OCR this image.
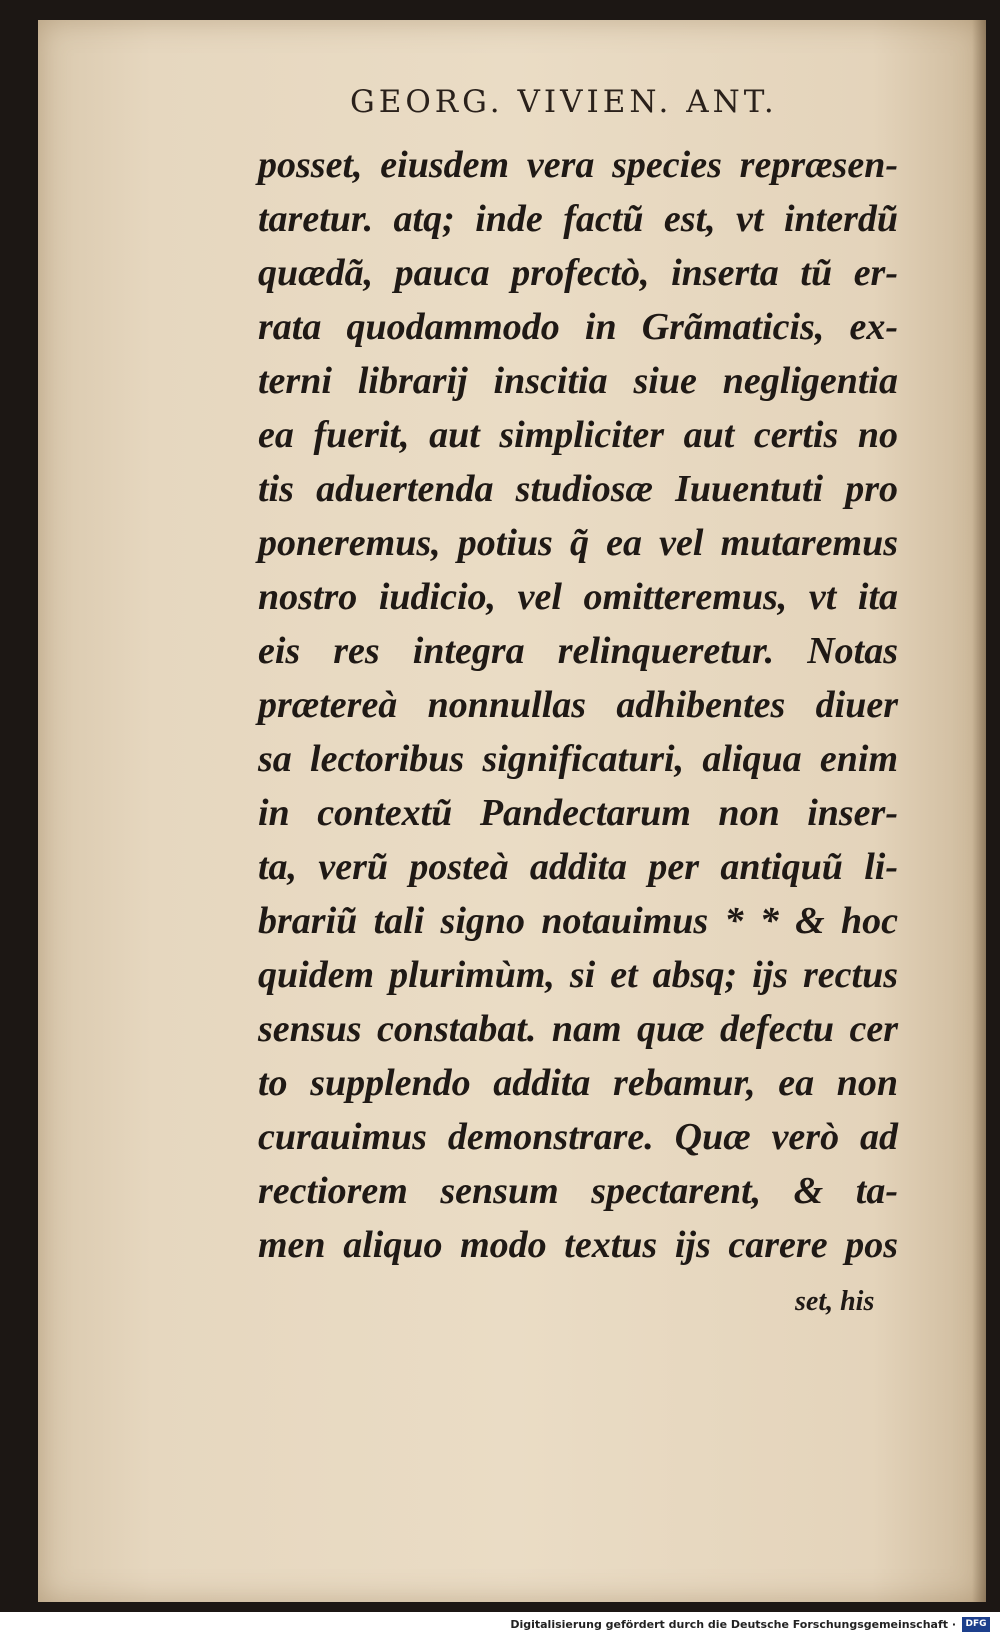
GEORG. VIVIEN. ANT.
posset, eiusdem vera species repræsen-
taretur. atq; inde factũ est, vt interdũ
quædã, pauca profectò, inserta tũ er-
rata quodammodo in Grãmaticis, ex-
terni librarij inscitia siue negligentia
ea fuerit, aut simpliciter aut certis no
tis aduertenda studiosæ Iuuentuti pro
poneremus, potius q̃ ea vel mutaremus
nostro iudicio, vel omitteremus, vt ita
eis res integra relinqueretur. Notas
prætereà nonnullas adhibentes diuer
sa lectoribus significaturi, aliqua enim
in contextũ Pandectarum non inser-
ta, verũ posteà addita per antiquũ li-
brariũ tali signo notauimus * * & hoc
quidem plurimùm, si et absq; ijs rectus
sensus constabat. nam quæ defectu cer
to supplendo addita rebamur, ea non
curauimus demonstrare. Quæ verò ad
rectiorem sensum spectarent, & ta-
men aliquo modo textus ijs carere pos
set, his
Digitalisierung gefördert durch die Deutsche Forschungsgemeinschaft ·	DFG
